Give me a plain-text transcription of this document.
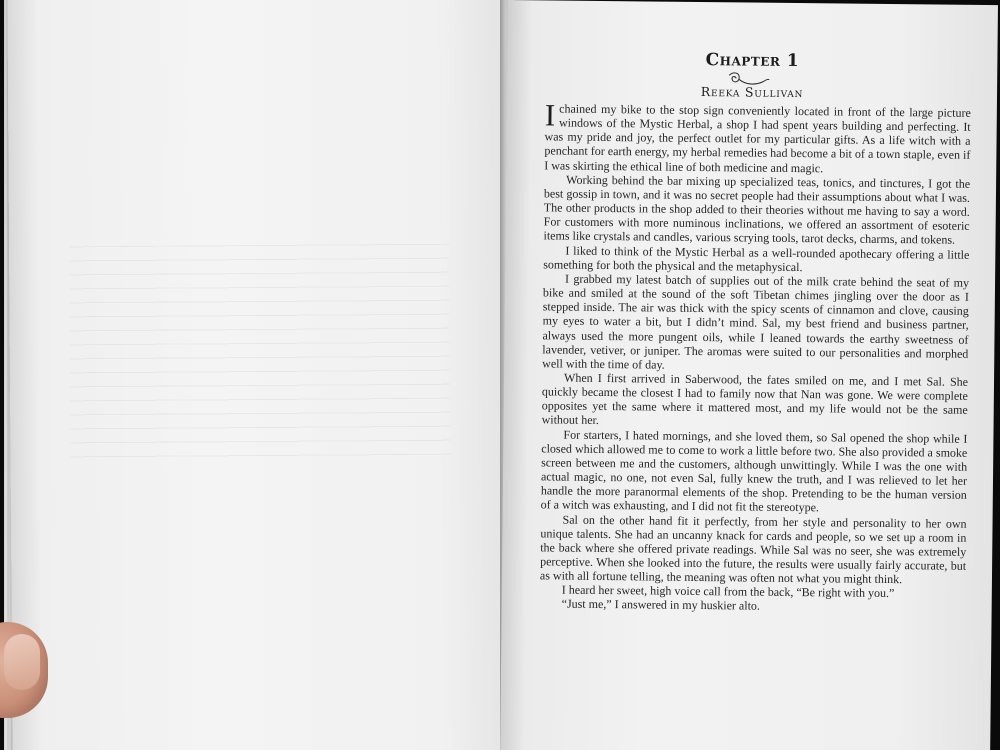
Chapter 1
Reeka Sullivan

Ichained my bike to the stop sign conveniently located in front of the large picture windows of the Mystic Herbal, a shop I had spent years building and perfecting. It was my pride and joy, the perfect outlet for my particular gifts. As a life witch with a penchant for earth energy, my herbal remedies had become a bit of a town staple, even if I was skirting the ethical line of both medicine and magic.

Working behind the bar mixing up specialized teas, tonics, and tinctures, I got the best gossip in town, and it was no secret people had their assumptions about what I was. The other products in the shop added to their theories without me having to say a word. For customers with more numinous inclinations, we offered an assortment of esoteric items like crystals and candles, various scrying tools, tarot decks, charms, and tokens.

I liked to think of the Mystic Herbal as a well-rounded apothecary offering a little something for both the physical and the metaphysical.

I grabbed my latest batch of supplies out of the milk crate behind the seat of my bike and smiled at the sound of the soft Tibetan chimes jingling over the door as I stepped inside. The air was thick with the spicy scents of cinnamon and clove, causing my eyes to water a bit, but I didn’t mind. Sal, my best friend and business partner, always used the more pungent oils, while I leaned towards the earthy sweetness of lavender, vetiver, or juniper. The aromas were suited to our personalities and morphed well with the time of day.

When I first arrived in Saberwood, the fates smiled on me, and I met Sal. She quickly became the closest I had to family now that Nan was gone. We were complete opposites yet the same where it mattered most, and my life would not be the same without her.

For starters, I hated mornings, and she loved them, so Sal opened the shop while I closed which allowed me to come to work a little before two. She also provided a smoke screen between me and the customers, although unwittingly. While I was the one with actual magic, no one, not even Sal, fully knew the truth, and I was relieved to let her handle the more paranormal elements of the shop. Pretending to be the human version of a witch was exhausting, and I did not fit the stereotype.

Sal on the other hand fit it perfectly, from her style and personality to her own unique talents. She had an uncanny knack for cards and people, so we set up a room in the back where she offered private readings. While Sal was no seer, she was extremely perceptive. When she looked into the future, the results were usually fairly accurate, but as with all fortune telling, the meaning was often not what you might think.

I heard her sweet, high voice call from the back, “Be right with you.”

“Just me,” I answered in my huskier alto.
